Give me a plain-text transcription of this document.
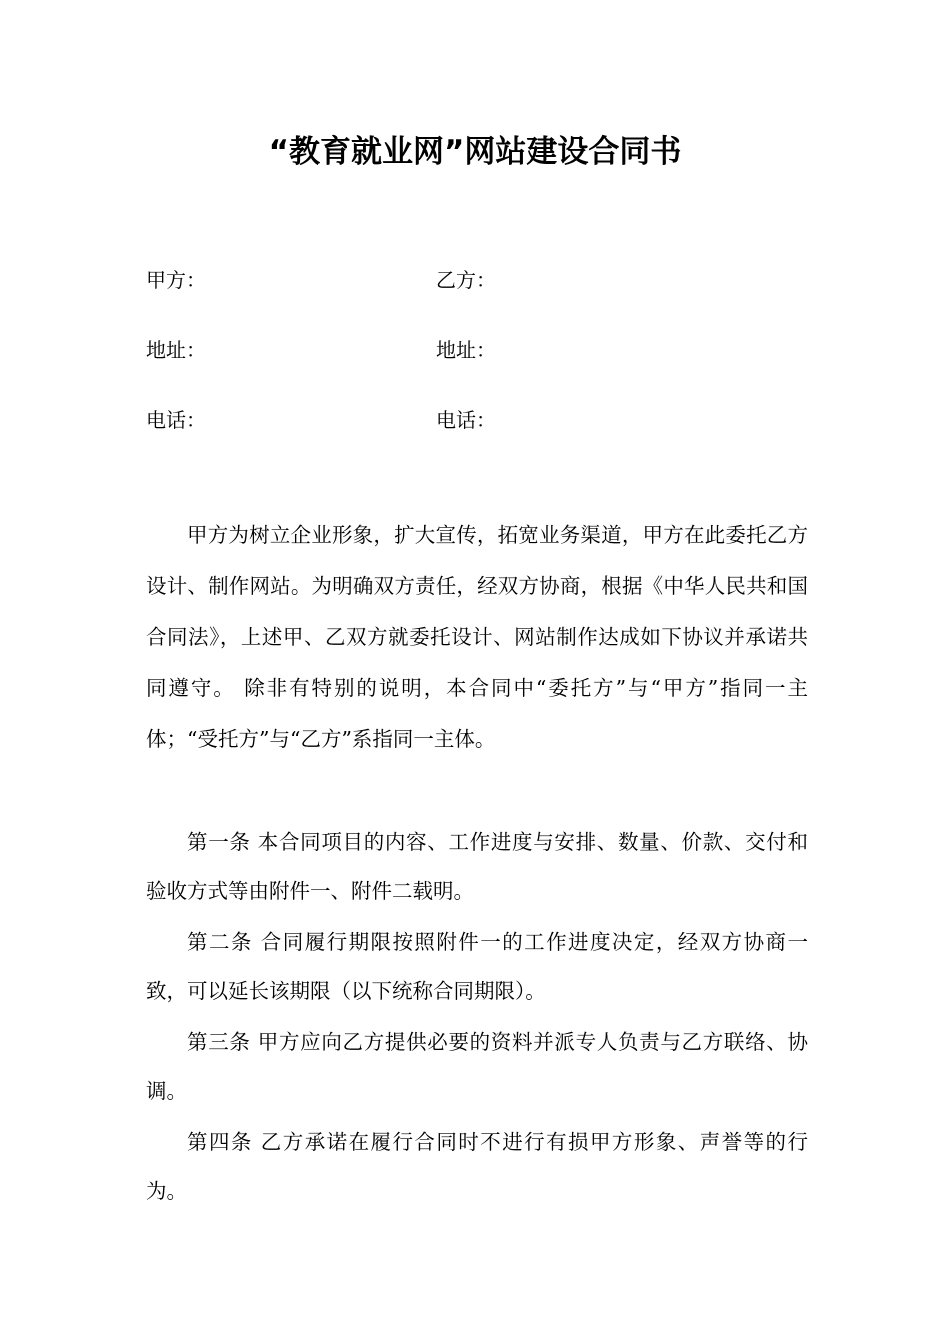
“教育就业网”网站建设合同书
甲方：	乙方：
地址：	地址：
电话：	电话：

甲方为树立企业形象，扩大宣传，拓宽业务渠道，甲方在此委托乙方设计、制作网站。为明确双方责任，经双方协商，根据《中华人民共和国合同法》，上述甲、乙双方就委托设计、网站制作达成如下协议并承诺共同遵守。 除非有特别的说明，本合同中“委托方”与“甲方”指同一主体；“受托方”与“乙方”系指同一主体。

第一条 本合同项目的内容、工作进度与安排、数量、价款、交付和验收方式等由附件一、附件二载明。

第二条 合同履行期限按照附件一的工作进度决定，经双方协商一致，可以延长该期限（以下统称合同期限）。

第三条 甲方应向乙方提供必要的资料并派专人负责与乙方联络、协调。

第四条 乙方承诺在履行合同时不进行有损甲方形象、声誉等的行为。
